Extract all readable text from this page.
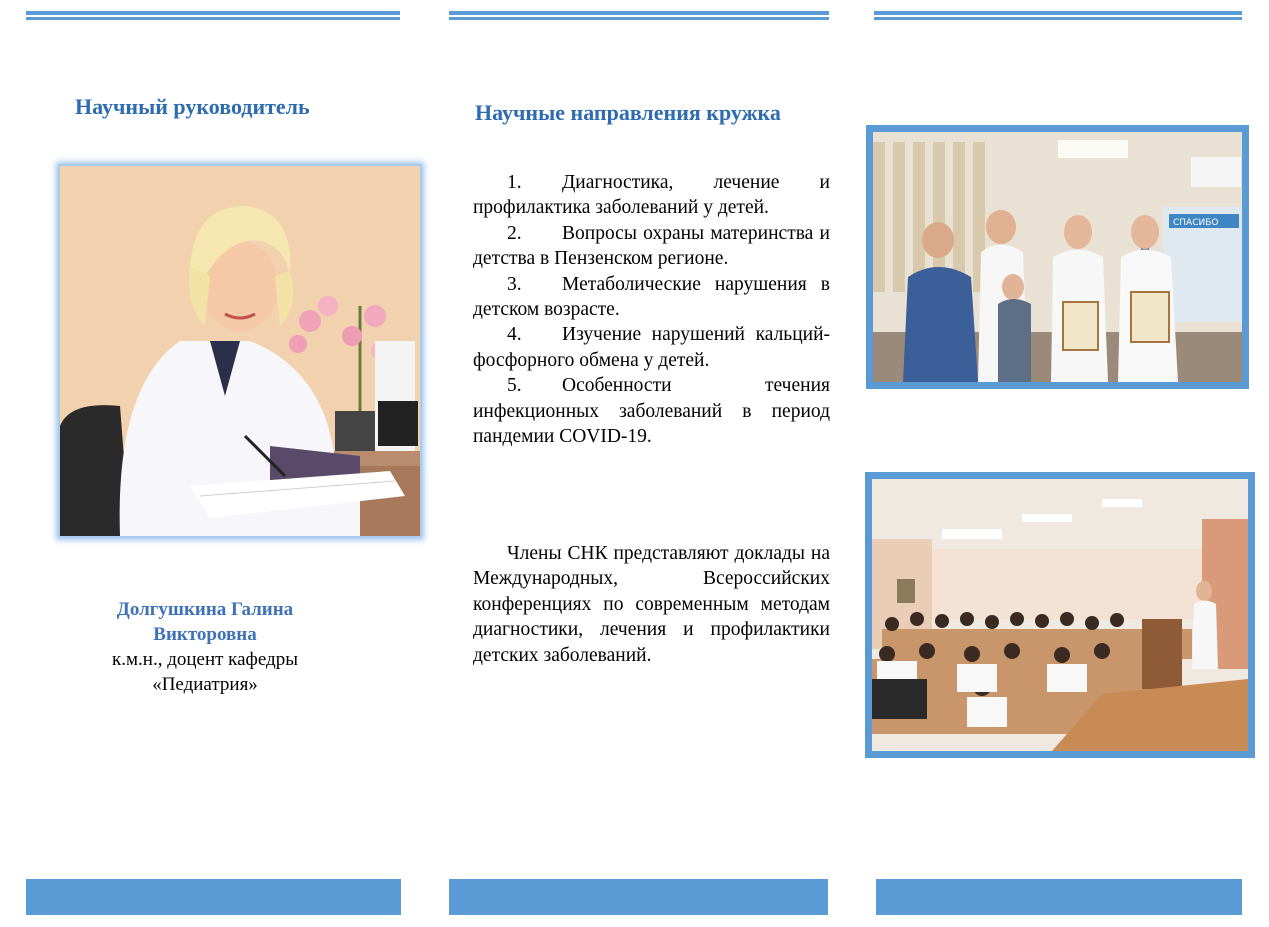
Научный руководитель
Долгушкина Галина
Викторовна
к.м.н., доцент кафедры
«Педиатрия»
Научные направления кружка
1. Диагностика, лечение и профилактика заболеваний у детей.
2. Вопросы охраны материнства и детства в Пензенском регионе.
3. Метаболические нарушения в детском возрасте.
4. Изучение нарушений кальций-фосфорного обмена у детей.
5. Особенности течения инфекционных заболеваний в период пандемии COVID-19.
Члены СНК представляют доклады на Международных, Всероссийских конференциях по современным методам диагностики, лечения и профилактики детских заболеваний.
СПАСИБО
